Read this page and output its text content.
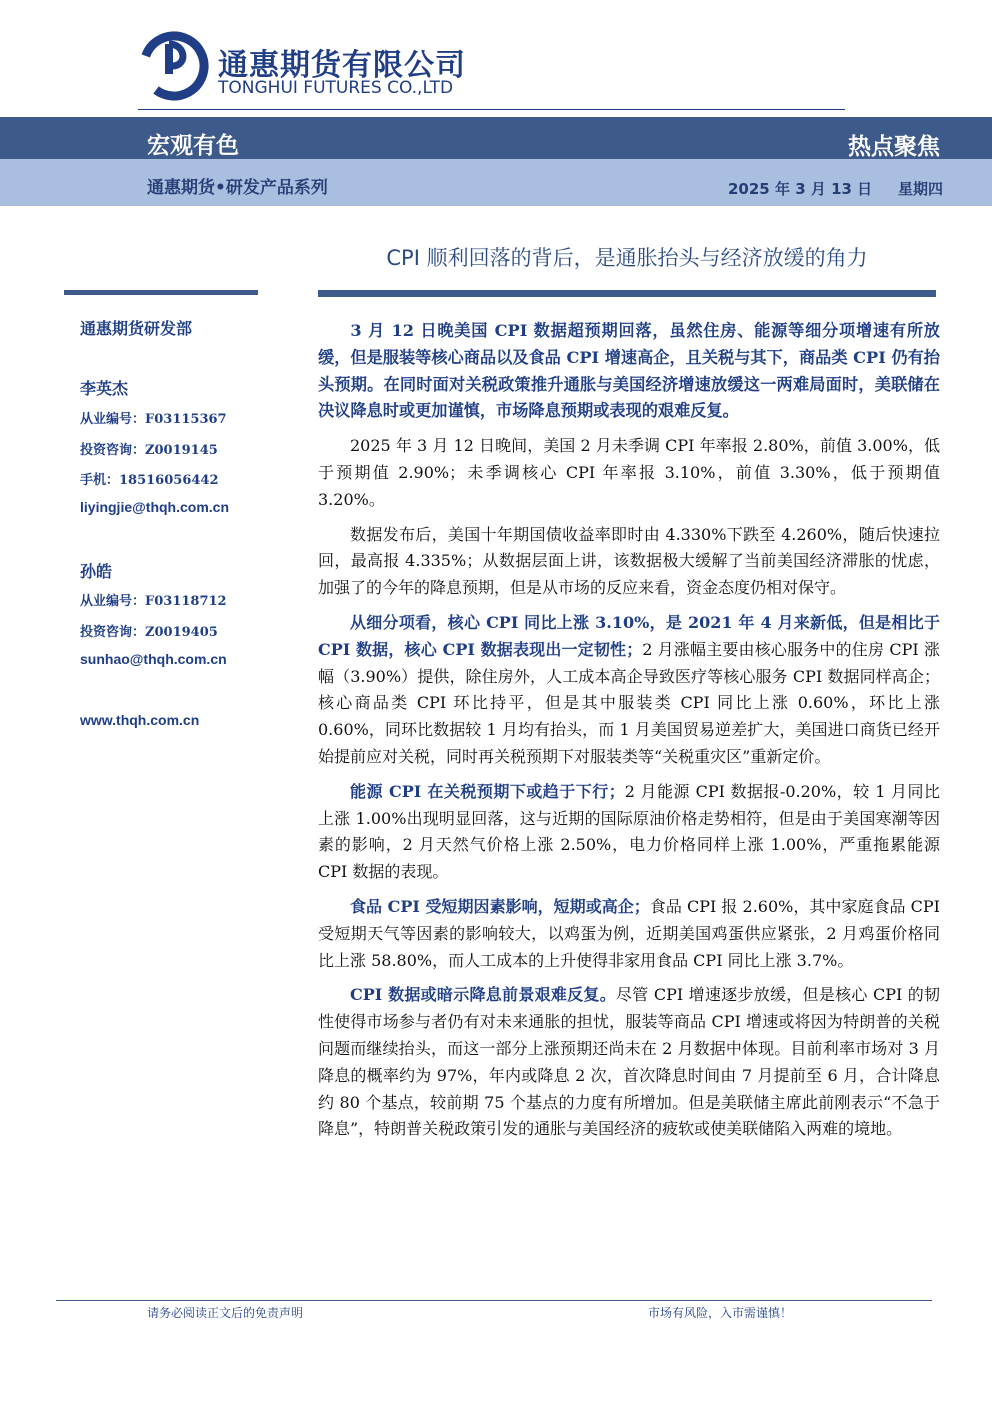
通惠期货有限公司
TONGHUI FUTURES CO.,LTD
宏观有色	热点聚焦
通惠期货•研发产品系列	2025 年 3 月 13 日 星期四
CPI 顺利回落的背后，是通胀抬头与经济放缓的角力
通惠期货研发部
李英杰
从业编号：F03115367
投资咨询：Z0019145
手机：18516056442
liyingjie@thqh.com.cn
孙皓
从业编号：F03118712
投资咨询：Z0019405
sunhao@thqh.com.cn
www.thqh.com.cn

3 月 12 日晚美国 CPI 数据超预期回落，虽然住房、能源等细分项增速有所放缓，但是服装等核心商品以及食品 CPI 增速高企，且关税与其下，商品类 CPI 仍有抬头预期。在同时面对关税政策推升通胀与美国经济增速放缓这一两难局面时，美联储在决议降息时或更加谨慎，市场降息预期或表现的艰难反复。

2025 年 3 月 12 日晚间，美国 2 月未季调 CPI 年率报 2.80%，前值 3.00%，低于预期值 2.90%；未季调核心 CPI 年率报 3.10%，前值 3.30%，低于预期值 3.20%。

数据发布后，美国十年期国债收益率即时由 4.330%下跌至 4.260%，随后快速拉回，最高报 4.335%；从数据层面上讲，该数据极大缓解了当前美国经济滞胀的忧虑，加强了的今年的降息预期，但是从市场的反应来看，资金态度仍相对保守。

从细分项看，核心 CPI 同比上涨 3.10%，是 2021 年 4 月来新低，但是相比于 CPI 数据，核心 CPI 数据表现出一定韧性；2 月涨幅主要由核心服务中的住房 CPI 涨幅（3.90%）提供，除住房外，人工成本高企导致医疗等核心服务 CPI 数据同样高企；核心商品类 CPI 环比持平，但是其中服装类 CPI 同比上涨 0.60%，环比上涨 0.60%，同环比数据较 1 月均有抬头，而 1 月美国贸易逆差扩大，美国进口商货已经开始提前应对关税，同时再关税预期下对服装类等“关税重灾区”重新定价。

能源 CPI 在关税预期下或趋于下行；2 月能源 CPI 数据报-0.20%，较 1 月同比上涨 1.00%出现明显回落，这与近期的国际原油价格走势相符，但是由于美国寒潮等因素的影响，2 月天然气价格上涨 2.50%，电力价格同样上涨 1.00%，严重拖累能源 CPI 数据的表现。

食品 CPI 受短期因素影响，短期或高企；食品 CPI 报 2.60%，其中家庭食品 CPI 受短期天气等因素的影响较大，以鸡蛋为例，近期美国鸡蛋供应紧张，2 月鸡蛋价格同比上涨 58.80%，而人工成本的上升使得非家用食品 CPI 同比上涨 3.7%。

CPI 数据或暗示降息前景艰难反复。尽管 CPI 增速逐步放缓，但是核心 CPI 的韧性使得市场参与者仍有对未来通胀的担忧，服装等商品 CPI 增速或将因为特朗普的关税问题而继续抬头，而这一部分上涨预期还尚未在 2 月数据中体现。目前利率市场对 3 月降息的概率约为 97%，年内或降息 2 次，首次降息时间由 7 月提前至 6 月，合计降息约 80 个基点，较前期 75 个基点的力度有所增加。但是美联储主席此前刚表示“不急于降息”，特朗普关税政策引发的通胀与美国经济的疲软或使美联储陷入两难的境地。

请务必阅读正文后的免责声明	市场有风险，入市需谨慎！
